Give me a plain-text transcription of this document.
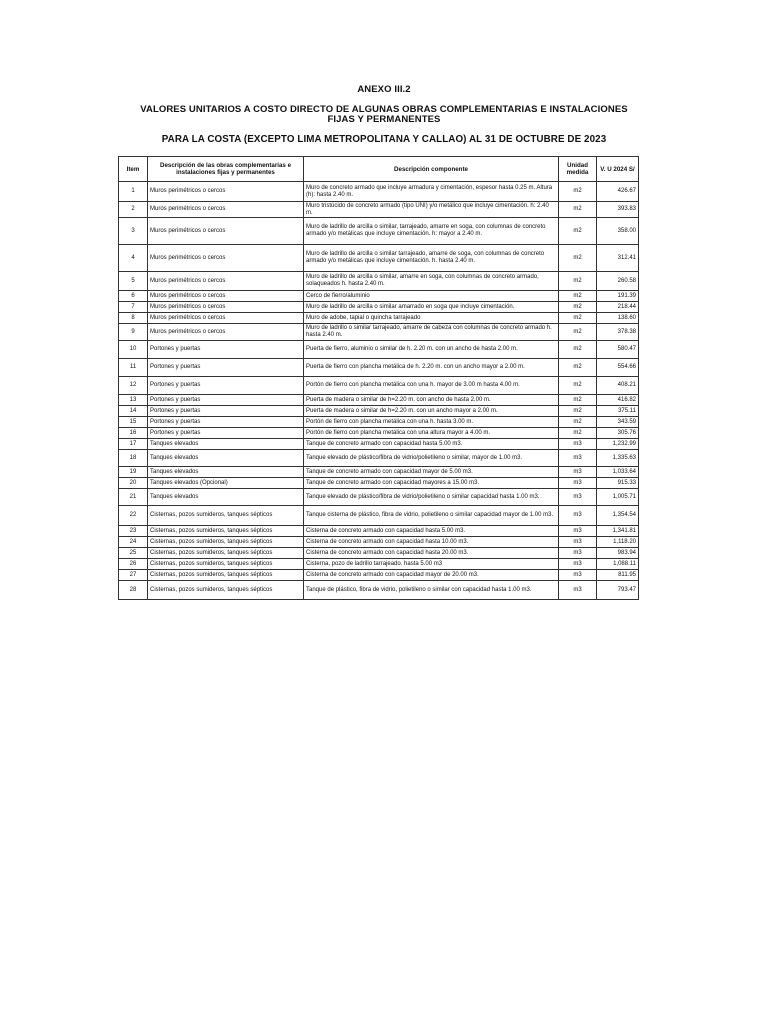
ANEXO III.2
VALORES UNITARIOS A COSTO DIRECTO DE ALGUNAS OBRAS COMPLEMENTARIAS E INSTALACIONES
FIJAS Y PERMANENTES
PARA LA COSTA (EXCEPTO LIMA METROPOLITANA Y CALLAO) AL 31 DE OCTUBRE DE 2023
Item	Descripción de las obras complementarias e instalaciones fijas y permanentes	Descripción componente	Unidad medida	V. U 2024 S/
1	Muros perimétricos o cercos	Muro de concreto armado que incluye armadura y cimentación, espesor hasta 0.25 m. Altura (h): hasta 2.40 m.	m2	426.67
2	Muros perimétricos o cercos	Muro tristúcido de concreto armado (tipo UNI) y/o metálico que incluye cimentación. h: 2.40 m.	m2	393.83
3	Muros perimétricos o cercos	Muro de ladrillo de arcilla o similar, tarrajeado, amarre en soga, con columnas de concreto armado y/o metálicas que incluye cimentación. h: mayor a 2.40 m.	m2	358.00
4	Muros perimétricos o cercos	Muro de ladrillo de arcilla o similar tarrajeado, amarre de soga, con columnas de concreto armado y/o metálicas que incluye cimentación. h. hasta 2.40 m.	m2	312.41
5	Muros perimétricos o cercos	Muro de ladrillo de arcilla o similar, amarre en soga, con columnas de concreto armado, solaqueados h. hasta 2.40 m.	m2	260.58
6	Muros perimétricos o cercos	Cerco de fierro/aluminio	m2	191.39
7	Muros perimétricos o cercos	Muro de ladrillo de arcilla o similar amarrado en soga que incluye cimentación.	m2	218.44
8	Muros perimétricos o cercos	Muro de adobe, tapial o quincha tarrajeado	m2	138.60
9	Muros perimétricos o cercos	Muro de ladrillo o similar tarrajeado, amarre de cabeza con columnas de concreto armado h. hasta 2.40 m.	m2	378.38
10	Portones y puertas	Puerta de fierro, aluminio o similar de h. 2.20 m. con un ancho de hasta 2.00 m.	m2	580.47
11	Portones y puertas	Puerta de fierro con plancha metálica de h. 2.20 m. con un ancho mayor a 2.00 m.	m2	554.66
12	Portones y puertas	Portón de fierro con plancha metálica con una h. mayor de 3.00 m hasta 4.00 m.	m2	408.21
13	Portones y puertas	Puerta de madera o similar de h=2.20 m. con ancho de hasta 2.00 m.	m2	416.82
14	Portones y puertas	Puerta de madera o similar de h=2.20 m. con un ancho mayor a 2.00 m.	m2	375.11
15	Portones y puertas	Portón de fierro con plancha metálica con una h. hasta 3.00 m.	m2	343.59
16	Portones y puertas	Portón de fierro con plancha metálica con una altura mayor a 4.00 m.	m2	305.76
17	Tanques elevados	Tanque de concreto armado con capacidad hasta 5.00 m3.	m3	1,232.99
18	Tanques elevados	Tanque elevado de plástico/fibra de vidrio/polietileno o similar, mayor de 1.00 m3.	m3	1,335.63
19	Tanques elevados	Tanque de concreto armado con capacidad mayor de 5.00 m3.	m3	1,033.64
20	Tanques elevados (Opcional)	Tanque de concreto armado con capacidad mayores a 15.00 m3.	m3	915.33
21	Tanques elevados	Tanque elevado de plástico/fibra de vidrio/polietileno o similar capacidad hasta 1.00 m3.	m3	1,005.71
22	Cisternas, pozos sumideros, tanques sépticos	Tanque cisterna de plástico, fibra de vidrio, polietileno o similar capacidad mayor de 1.00 m3.	m3	1,354.54
23	Cisternas, pozos sumideros, tanques sépticos	Cisterna de concreto armado con capacidad hasta 5.00 m3.	m3	1,341.81
24	Cisternas, pozos sumideros, tanques sépticos	Cisterna de concreto armado con capacidad hasta 10.00 m3.	m3	1,118.20
25	Cisternas, pozos sumideros, tanques sépticos	Cisterna de concreto armado con capacidad hasta 20.00 m3.	m3	983.94
26	Cisternas, pozos sumideros, tanques sépticos	Cisterna, pozo de ladrillo tarrajeado. hasta 5.00 m3	m3	1,088.11
27	Cisternas, pozos sumideros, tanques sépticos	Cisterna de concreto armado con capacidad mayor de 20.00 m3.	m3	811.95
28	Cisternas, pozos sumideros, tanques sépticos	Tanque de plástico, fibra de vidrio, polietileno o similar con capacidad hasta 1.00 m3.	m3	793.47
